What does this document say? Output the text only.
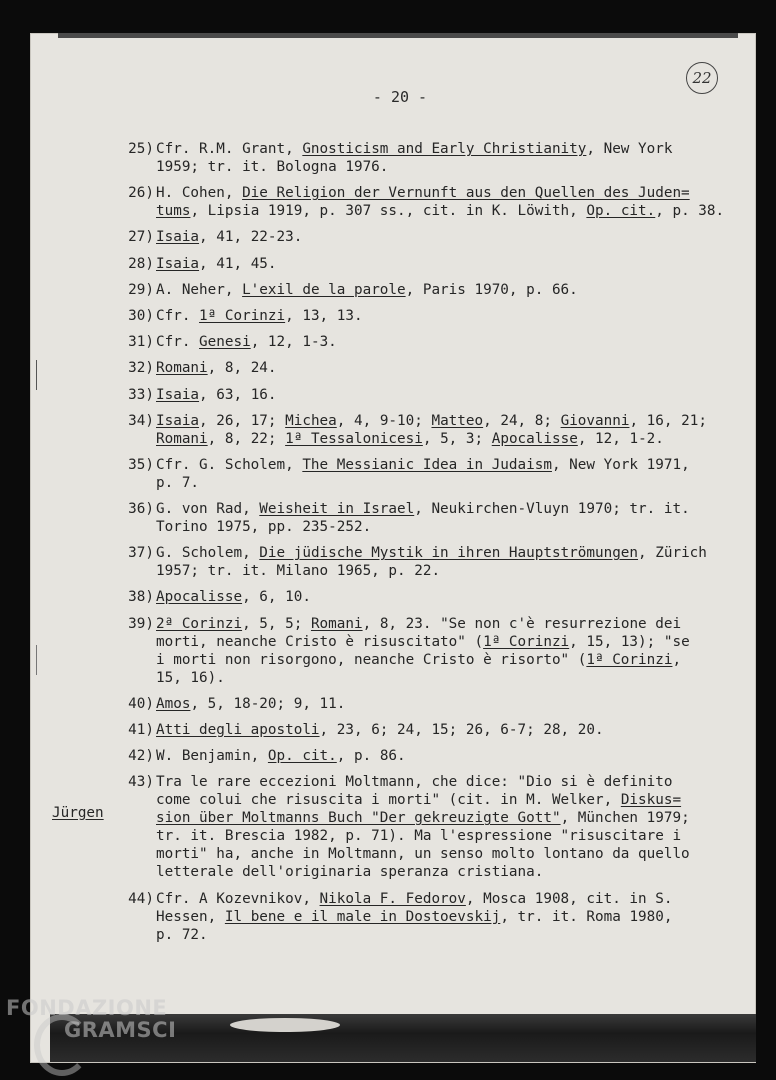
22
- 20 -
25) Cfr. R.M. Grant, Gnosticism and Early Christianity, New York
1959; tr. it. Bologna 1976.
26) H. Cohen, Die Religion der Vernunft aus den Quellen des Juden=
tums, Lipsia 1919, p. 307 ss., cit. in K. Löwith, Op. cit., p. 38.
27) Isaia, 41, 22-23.
28) Isaia, 41, 45.
29) A. Neher, L'exil de la parole, Paris 1970, p. 66.
30) Cfr. 1ª Corinzi, 13, 13.
31) Cfr. Genesi, 12, 1-3.
32) Romani, 8, 24.
33) Isaia, 63, 16.
34) Isaia, 26, 17; Michea, 4, 9-10; Matteo, 24, 8; Giovanni, 16, 21;
Romani, 8, 22; 1ª Tessalonicesi, 5, 3; Apocalisse, 12, 1-2.
35) Cfr. G. Scholem, The Messianic Idea in Judaism, New York 1971,
p. 7.
36) G. von Rad, Weisheit in Israel, Neukirchen-Vluyn 1970; tr. it.
Torino 1975, pp. 235-252.
37) G. Scholem, Die jüdische Mystik in ihren Hauptströmungen, Zürich
1957; tr. it. Milano 1965, p. 22.
38) Apocalisse, 6, 10.
39) 2ª Corinzi, 5, 5; Romani, 8, 23. "Se non c'è resurrezione dei
morti, neanche Cristo è risuscitato" (1ª Corinzi, 15, 13); "se
i morti non risorgono, neanche Cristo è risorto" (1ª Corinzi,
15, 16).
40) Amos, 5, 18-20; 9, 11.
41) Atti degli apostoli, 23, 6; 24, 15; 26, 6-7; 28, 20.
42) W. Benjamin, Op. cit., p. 86.
43) Tra le rare eccezioni Moltmann, che dice: "Dio si è definito
come colui che risuscita i morti" (cit. in M. Welker, Diskus=
sion über Moltmanns Buch "Der gekreuzigte Gott", München 1979;
tr. it. Brescia 1982, p. 71). Ma l'espressione "risuscitare i
morti" ha, anche in Moltmann, un senso molto lontano da quello
letterale dell'originaria speranza cristiana.
44) Cfr. A Kozevnikov, Nikola F. Fedorov, Mosca 1908, cit. in S.
Hessen, Il bene e il male in Dostoevskij, tr. it. Roma 1980,
p. 72.
Jürgen
FONDAZIONE
GRAMSCI
